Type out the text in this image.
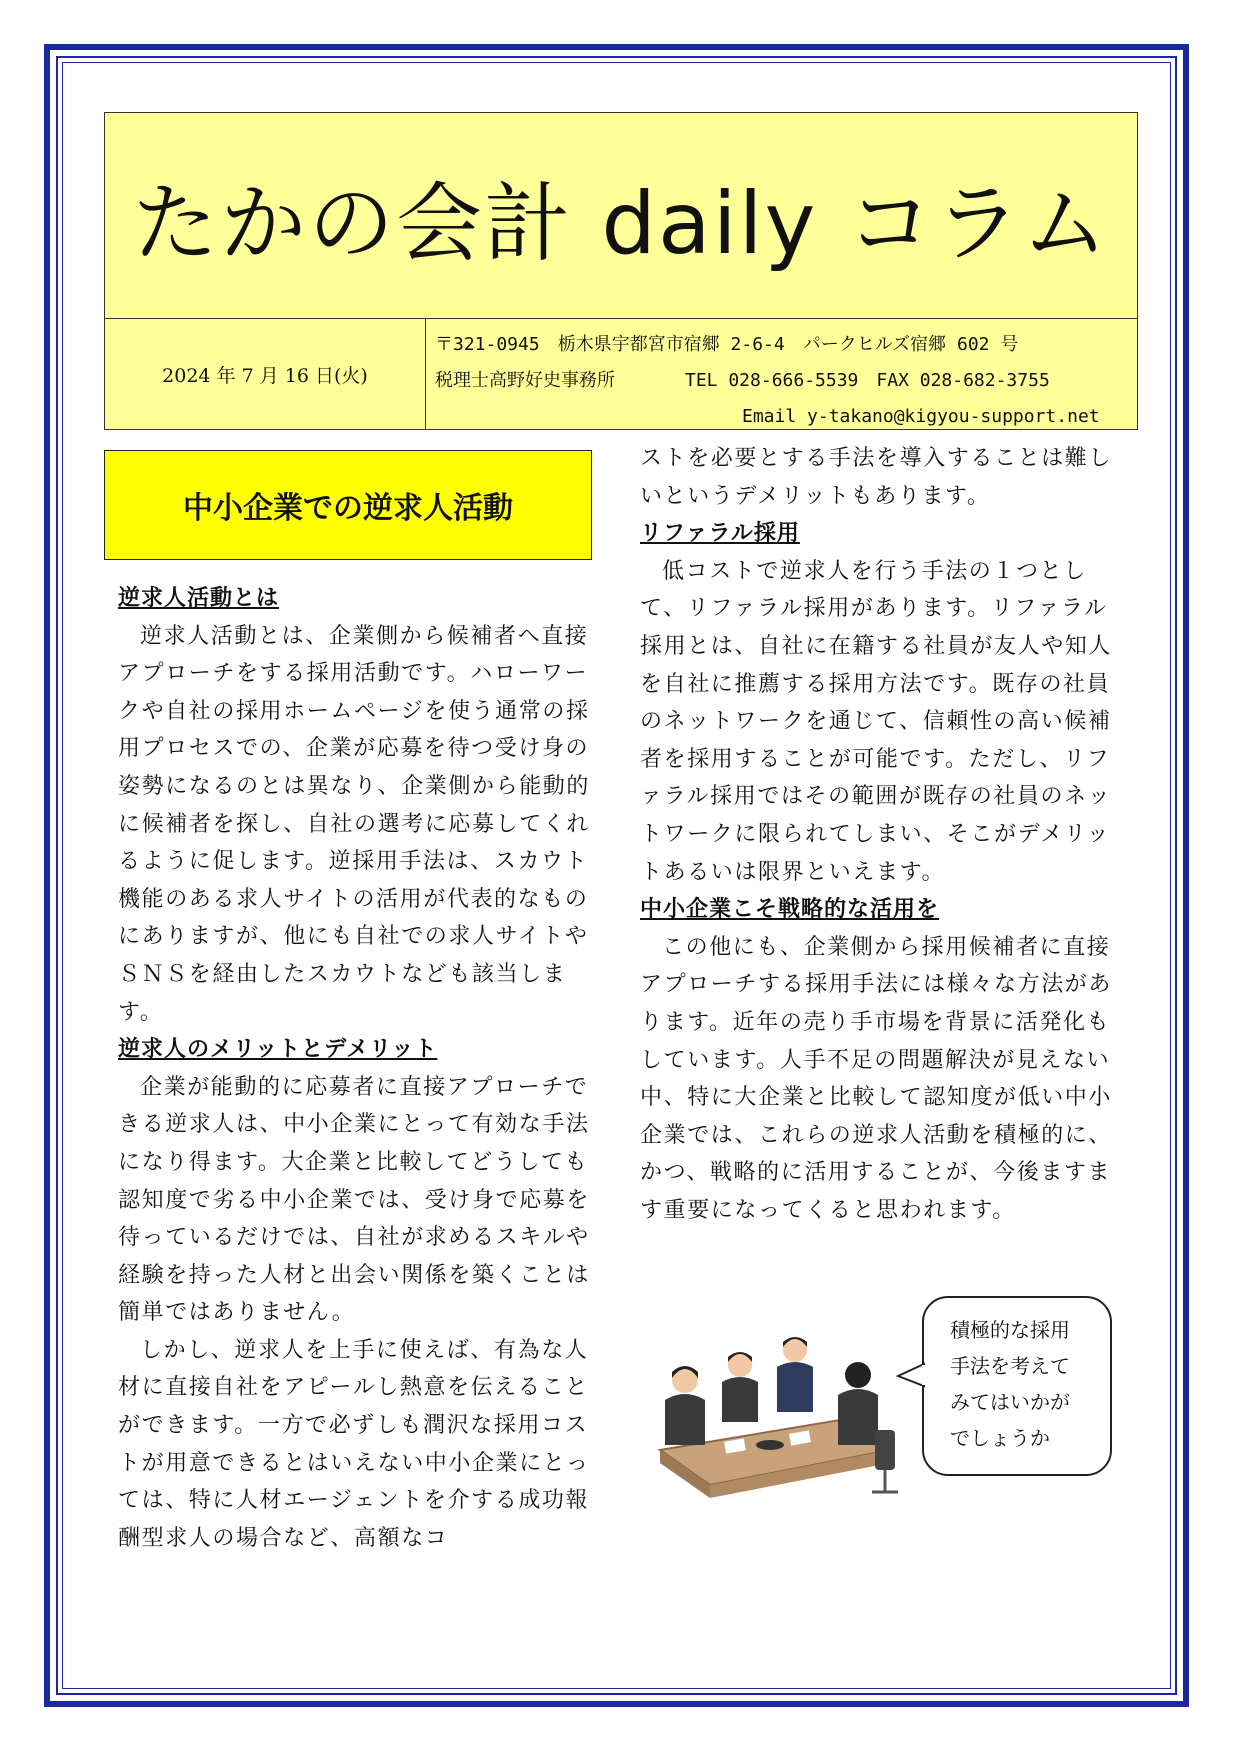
たかの会計 daily コラム
2024 年 7 月 16 日(火)
〒321-0945　栃木県宇都宮市宿郷 2-6-4　パークヒルズ宿郷 602 号
税理士高野好史事務所	TEL 028-666-5539　FAX 028-682-3755
Email y-takano@kigyou-support.net
中小企業での逆求人活動
逆求人活動とは

逆求人活動とは、企業側から候補者へ直接アプローチをする採用活動です。ハローワークや自社の採用ホームページを使う通常の採用プロセスでの、企業が応募を待つ受け身の姿勢になるのとは異なり、企業側から能動的に候補者を探し、自社の選考に応募してくれるように促します。逆採用手法は、スカウト機能のある求人サイトの活用が代表的なものにありますが、他にも自社での求人サイトやＳＮＳを経由したスカウトなども該当します。

逆求人のメリットとデメリット

企業が能動的に応募者に直接アプローチできる逆求人は、中小企業にとって有効な手法になり得ます。大企業と比較してどうしても認知度で劣る中小企業では、受け身で応募を待っているだけでは、自社が求めるスキルや経験を持った人材と出会い関係を築くことは簡単ではありません。

しかし、逆求人を上手に使えば、有為な人材に直接自社をアピールし熱意を伝えることができます。一方で必ずしも潤沢な採用コストが用意できるとはいえない中小企業にとっては、特に人材エージェントを介する成功報酬型求人の場合など、高額なコ

ストを必要とする手法を導入することは難しいというデメリットもあります。

リファラル採用

低コストで逆求人を行う手法の１つとして、リファラル採用があります。リファラル採用とは、自社に在籍する社員が友人や知人を自社に推薦する採用方法です。既存の社員のネットワークを通じて、信頼性の高い候補者を採用することが可能です。ただし、リファラル採用ではその範囲が既存の社員のネットワークに限られてしまい、そこがデメリットあるいは限界といえます。

中小企業こそ戦略的な活用を

この他にも、企業側から採用候補者に直接アプローチする採用手法には様々な方法があります。近年の売り手市場を背景に活発化もしています。人手不足の問題解決が見えない中、特に大企業と比較して認知度が低い中小企業では、これらの逆求人活動を積極的に、かつ、戦略的に活用することが、今後ますます重要になってくると思われます。

積極的な採用
手法を考えて
みてはいかが
でしょうか
